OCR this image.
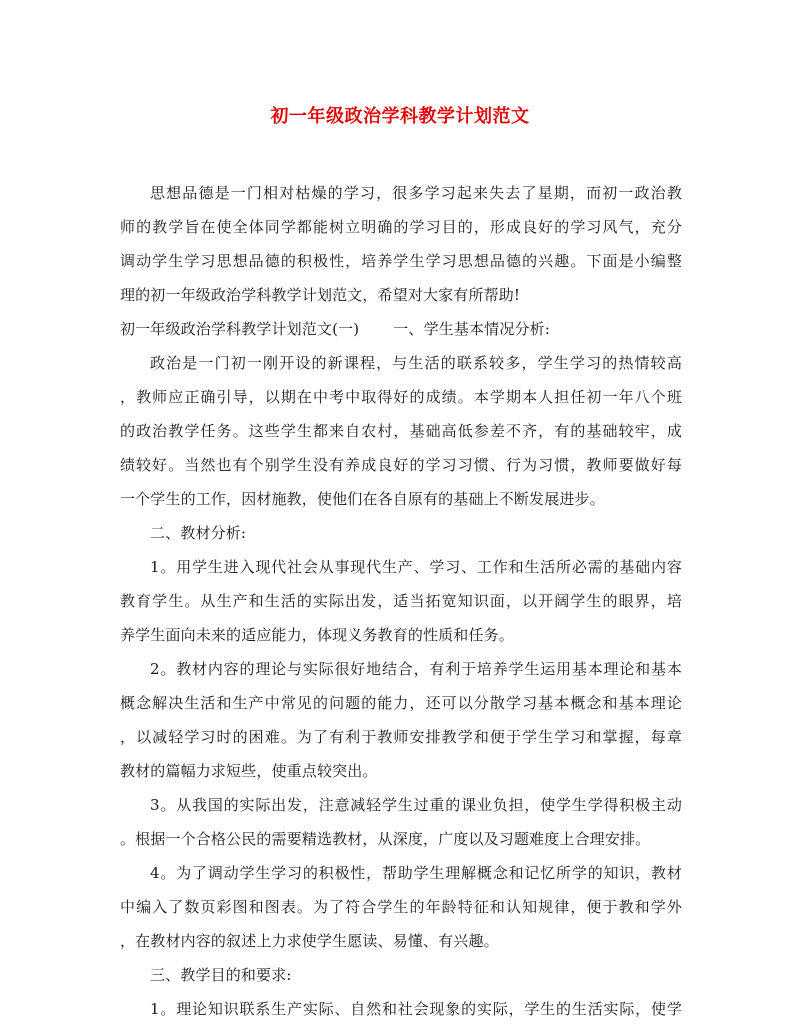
初一年级政治学科教学计划范文
思想品德是一门相对枯燥的学习，很多学习起来失去了星期，而初一政治教
师的教学旨在使全体同学都能树立明确的学习目的，形成良好的学习风气，充分
调动学生学习思想品德的积极性，培养学生学习思想品德的兴趣。下面是小编整
理的初一年级政治学科教学计划范文，希望对大家有所帮助!
初一年级政治学科教学计划范文(一) 一、学生基本情况分析:
政治是一门初一刚开设的新课程，与生活的联系较多，学生学习的热情较高
，教师应正确引导，以期在中考中取得好的成绩。本学期本人担任初一年八个班
的政治教学任务。这些学生都来自农村，基础高低参差不齐，有的基础较牢，成
绩较好。当然也有个别学生没有养成良好的学习习惯、行为习惯，教师要做好每
一个学生的工作，因材施教，使他们在各自原有的基础上不断发展进步。
二、教材分析:
1。用学生进入现代社会从事现代生产、学习、工作和生活所必需的基础内容
教育学生。从生产和生活的实际出发，适当拓宽知识面，以开阔学生的眼界，培
养学生面向未来的适应能力，体现义务教育的性质和任务。
2。教材内容的理论与实际很好地结合，有利于培养学生运用基本理论和基本
概念解决生活和生产中常见的问题的能力，还可以分散学习基本概念和基本理论
，以减轻学习时的困难。为了有利于教师安排教学和便于学生学习和掌握，每章
教材的篇幅力求短些，使重点较突出。
3。从我国的实际出发，注意减轻学生过重的课业负担，使学生学得积极主动
。根据一个合格公民的需要精选教材，从深度，广度以及习题难度上合理安排。
4。为了调动学生学习的积极性，帮助学生理解概念和记忆所学的知识，教材
中编入了数页彩图和图表。为了符合学生的年龄特征和认知规律，便于教和学外
，在教材内容的叙述上力求使学生愿读、易懂、有兴趣。
三、教学目的和要求:
1。理论知识联系生产实际、自然和社会现象的实际，学生的生活实际，使学
